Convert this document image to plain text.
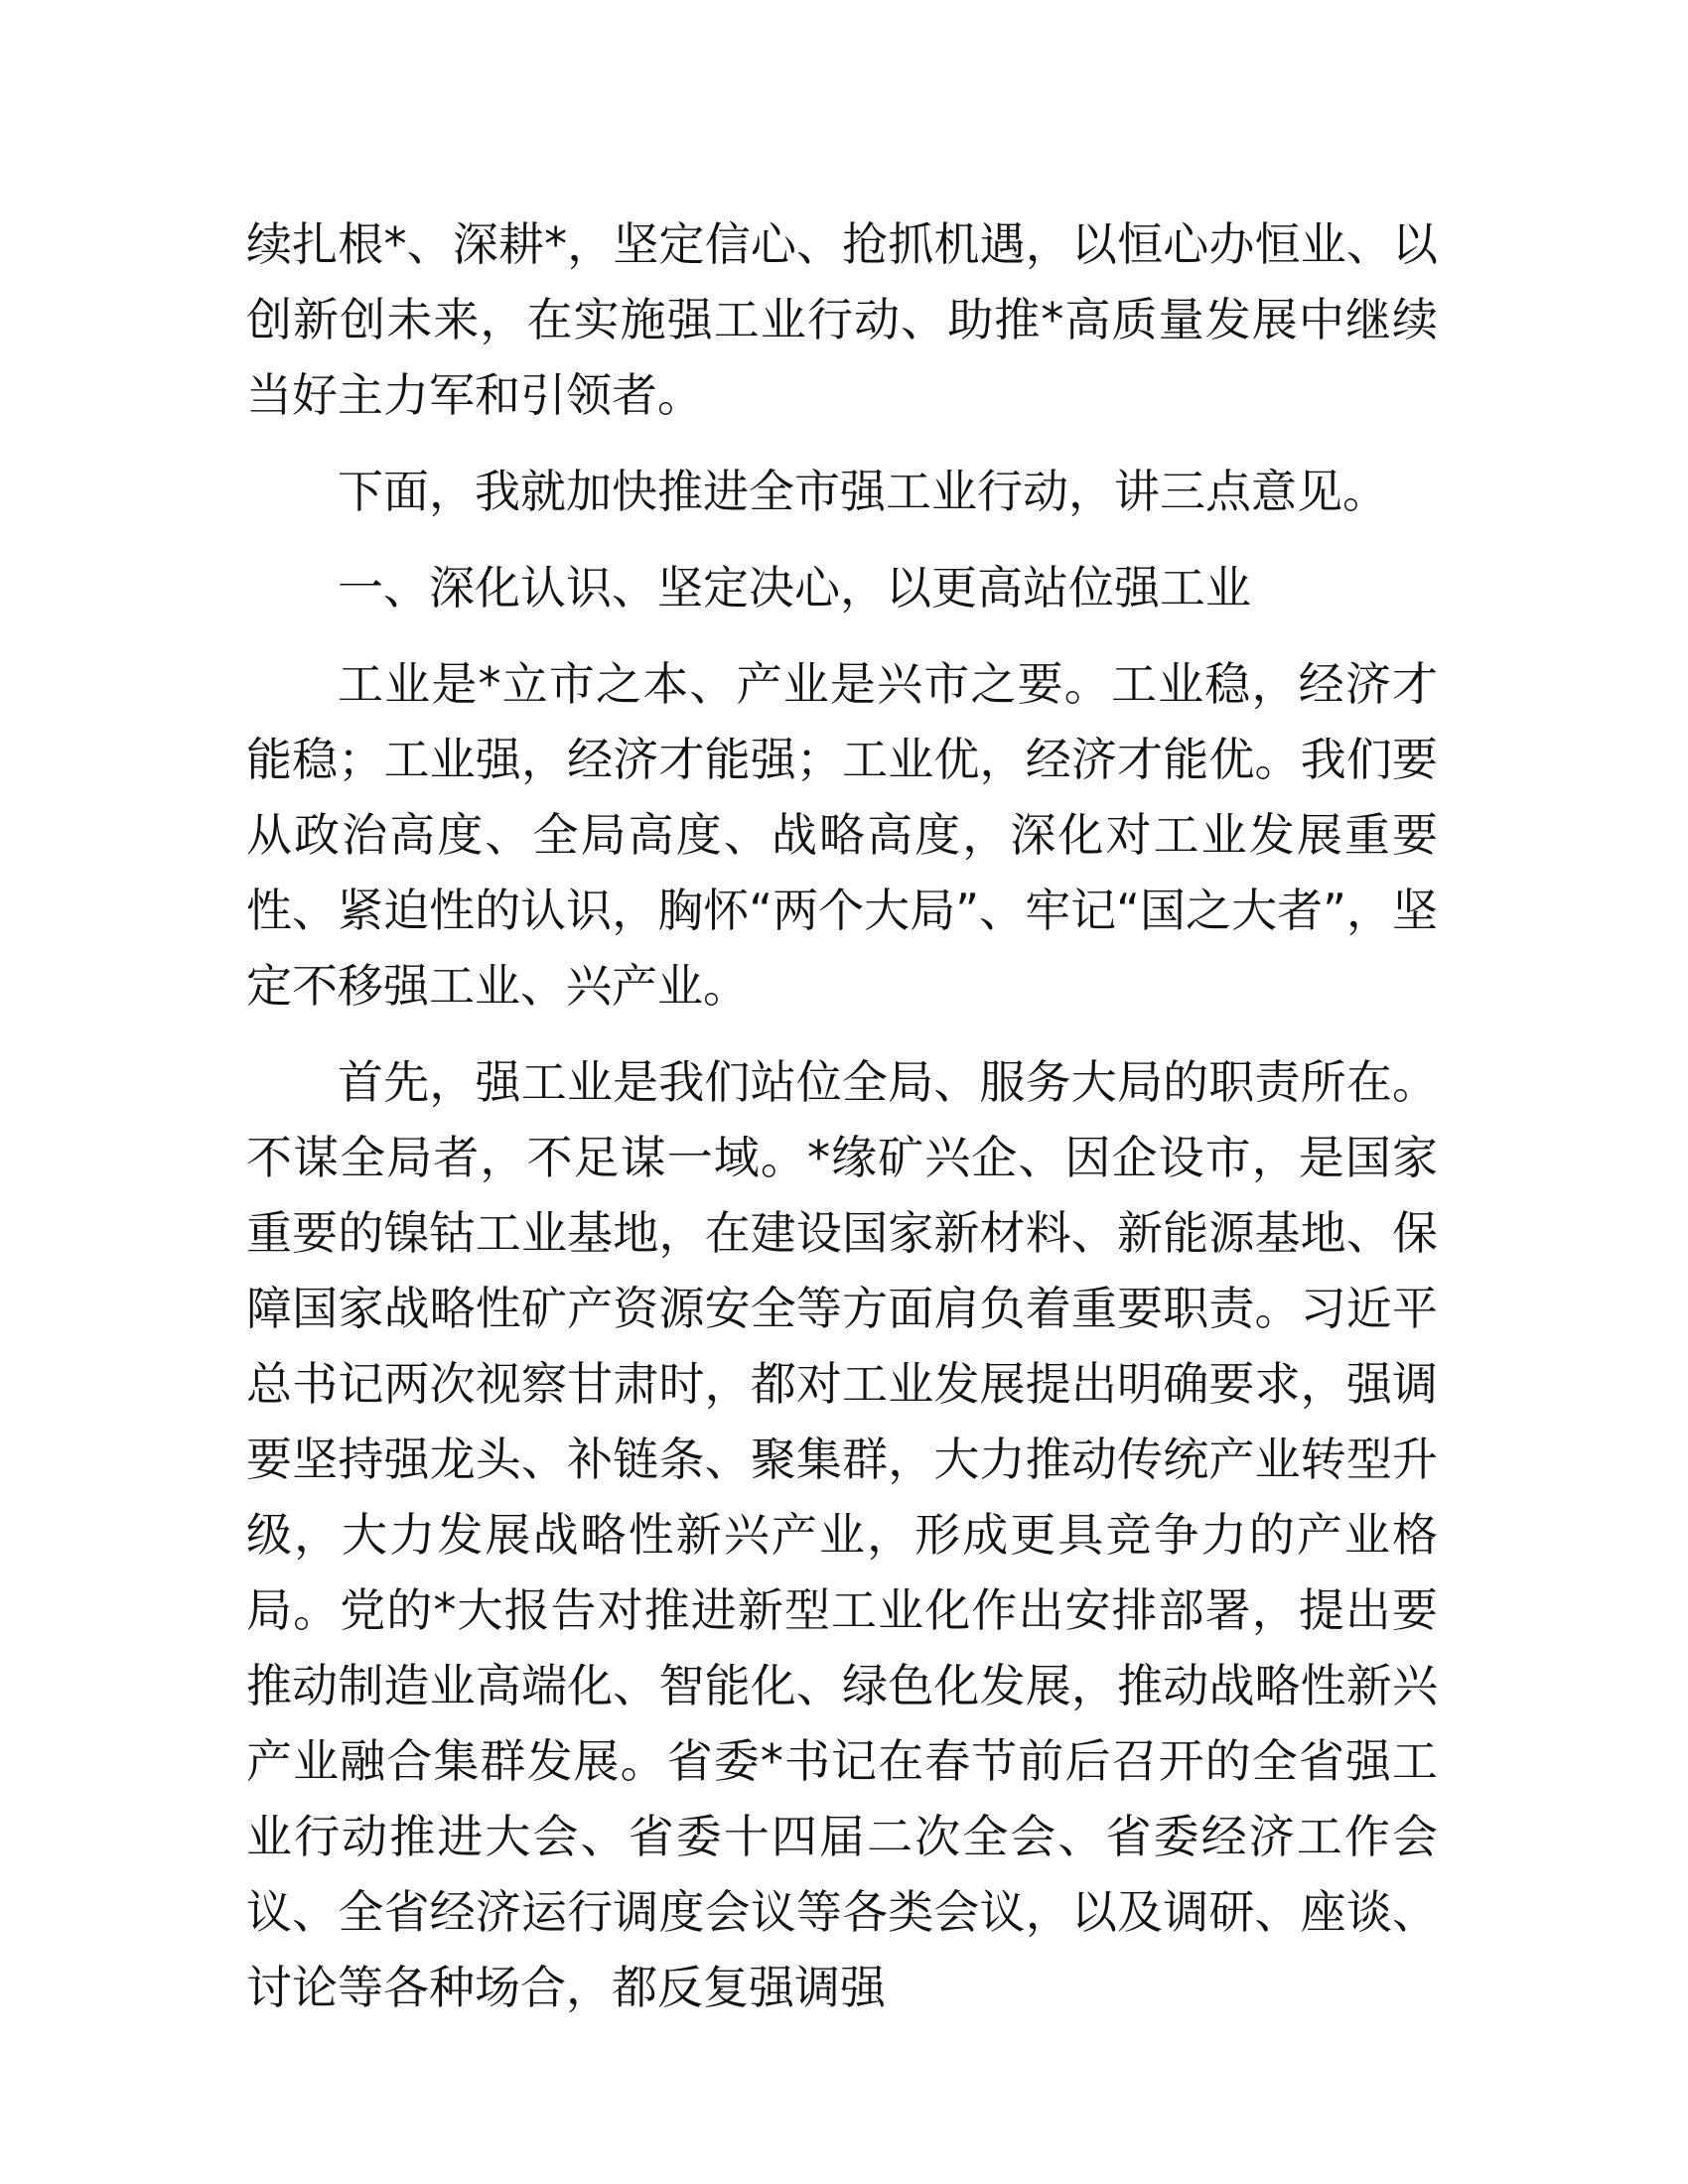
续扎根*、深耕*，坚定信心、抢抓机遇，以恒心办恒业、以创新创未来，在实施强工业行动、助推*高质量发展中继续当好主力军和引领者。

下面，我就加快推进全市强工业行动，讲三点意见。

一、深化认识、坚定决心，以更高站位强工业

工业是*立市之本、产业是兴市之要。工业稳，经济才能稳；工业强，经济才能强；工业优，经济才能优。我们要从政治高度、全局高度、战略高度，深化对工业发展重要性、紧迫性的认识，胸怀“两个大局”、牢记“国之大者”，坚定不移强工业、兴产业。

首先，强工业是我们站位全局、服务大局的职责所在。不谋全局者，不足谋一域。*缘矿兴企、因企设市，是国家重要的镍钴工业基地，在建设国家新材料、新能源基地、保障国家战略性矿产资源安全等方面肩负着重要职责。习近平总书记两次视察甘肃时，都对工业发展提出明确要求，强调要坚持强龙头、补链条、聚集群，大力推动传统产业转型升级，大力发展战略性新兴产业，形成更具竞争力的产业格局。党的*大报告对推进新型工业化作出安排部署，提出要推动制造业高端化、智能化、绿色化发展，推动战略性新兴产业融合集群发展。省委*书记在春节前后召开的全省强工业行动推进大会、省委十四届二次全会、省委经济工作会议、全省经济运行调度会议等各类会议，以及调研、座谈、讨论等各种场合，都反复强调强
